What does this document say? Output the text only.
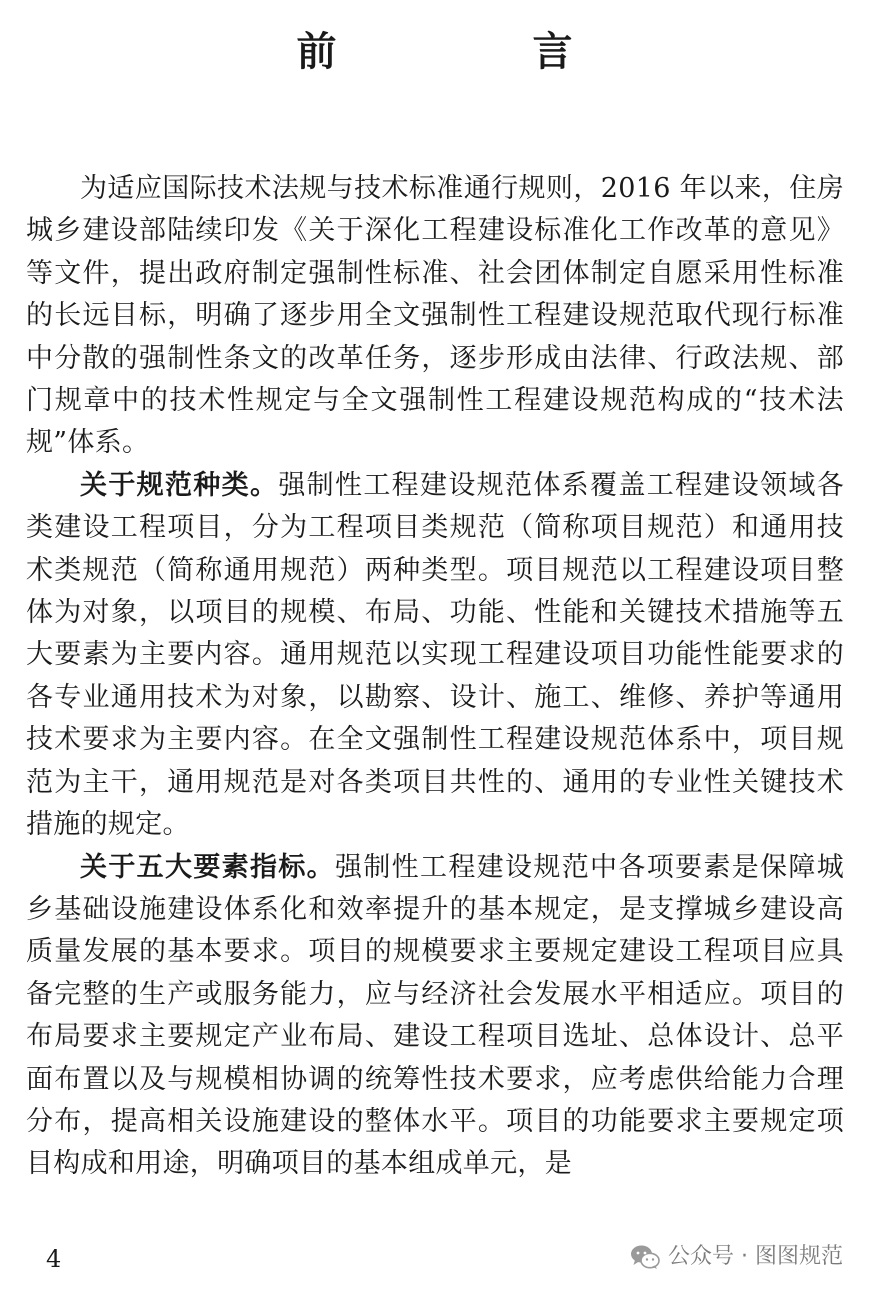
前　言

为适应国际技术法规与技术标准通行规则，2016 年以来，住房城乡建设部陆续印发《关于深化工程建设标准化工作改革的意见》等文件，提出政府制定强制性标准、社会团体制定自愿采用性标准的长远目标，明确了逐步用全文强制性工程建设规范取代现行标准中分散的强制性条文的改革任务，逐步形成由法律、行政法规、部门规章中的技术性规定与全文强制性工程建设规范构成的“技术法规”体系。

关于规范种类。强制性工程建设规范体系覆盖工程建设领域各类建设工程项目，分为工程项目类规范（简称项目规范）和通用技术类规范（简称通用规范）两种类型。项目规范以工程建设项目整体为对象，以项目的规模、布局、功能、性能和关键技术措施等五大要素为主要内容。通用规范以实现工程建设项目功能性能要求的各专业通用技术为对象，以勘察、设计、施工、维修、养护等通用技术要求为主要内容。在全文强制性工程建设规范体系中，项目规范为主干，通用规范是对各类项目共性的、通用的专业性关键技术措施的规定。

关于五大要素指标。强制性工程建设规范中各项要素是保障城乡基础设施建设体系化和效率提升的基本规定，是支撑城乡建设高质量发展的基本要求。项目的规模要求主要规定建设工程项目应具备完整的生产或服务能力，应与经济社会发展水平相适应。项目的布局要求主要规定产业布局、建设工程项目选址、总体设计、总平面布置以及与规模相协调的统筹性技术要求，应考虑供给能力合理分布，提高相关设施建设的整体水平。项目的功能要求主要规定项目构成和用途，明确项目的基本组成单元，是

4	公众号 · 图图规范
